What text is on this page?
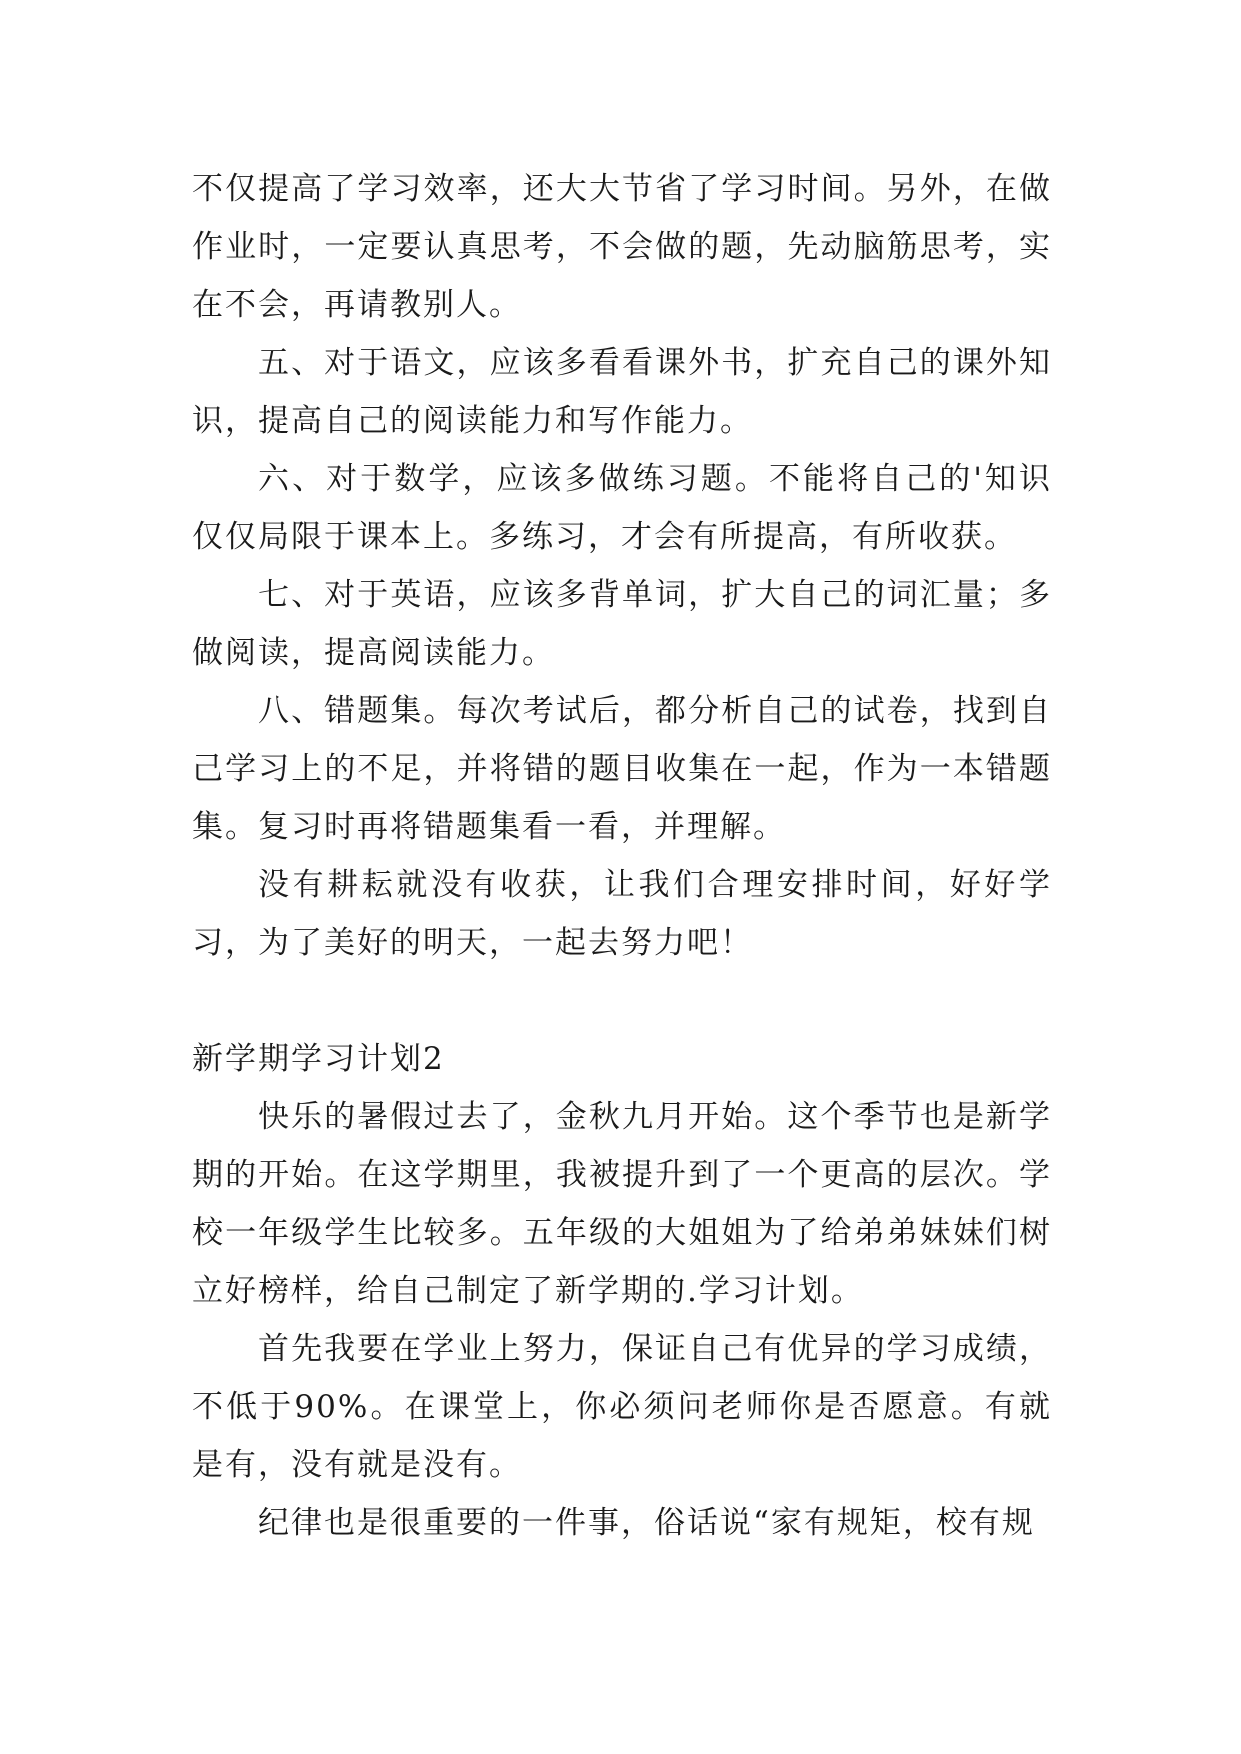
不仅提高了学习效率，还大大节省了学习时间。另外，在做作业时，一定要认真思考，不会做的题，先动脑筋思考，实在不会，再请教别人。

五、对于语文，应该多看看课外书，扩充自己的课外知识，提高自己的阅读能力和写作能力。

六、对于数学，应该多做练习题。不能将自己的'知识仅仅局限于课本上。多练习，才会有所提高，有所收获。

七、对于英语，应该多背单词，扩大自己的词汇量；多做阅读，提高阅读能力。

八、错题集。每次考试后，都分析自己的试卷，找到自己学习上的不足，并将错的题目收集在一起，作为一本错题集。复习时再将错题集看一看，并理解。

没有耕耘就没有收获，让我们合理安排时间，好好学习，为了美好的明天，一起去努力吧！

新学期学习计划2

快乐的暑假过去了，金秋九月开始。这个季节也是新学期的开始。在这学期里，我被提升到了一个更高的层次。学校一年级学生比较多。五年级的大姐姐为了给弟弟妹妹们树立好榜样，给自己制定了新学期的.学习计划。

首先我要在学业上努力，保证自己有优异的学习成绩，不低于90%。在课堂上，你必须问老师你是否愿意。有就是有，没有就是没有。

纪律也是很重要的一件事，俗话说“家有规矩，校有规
